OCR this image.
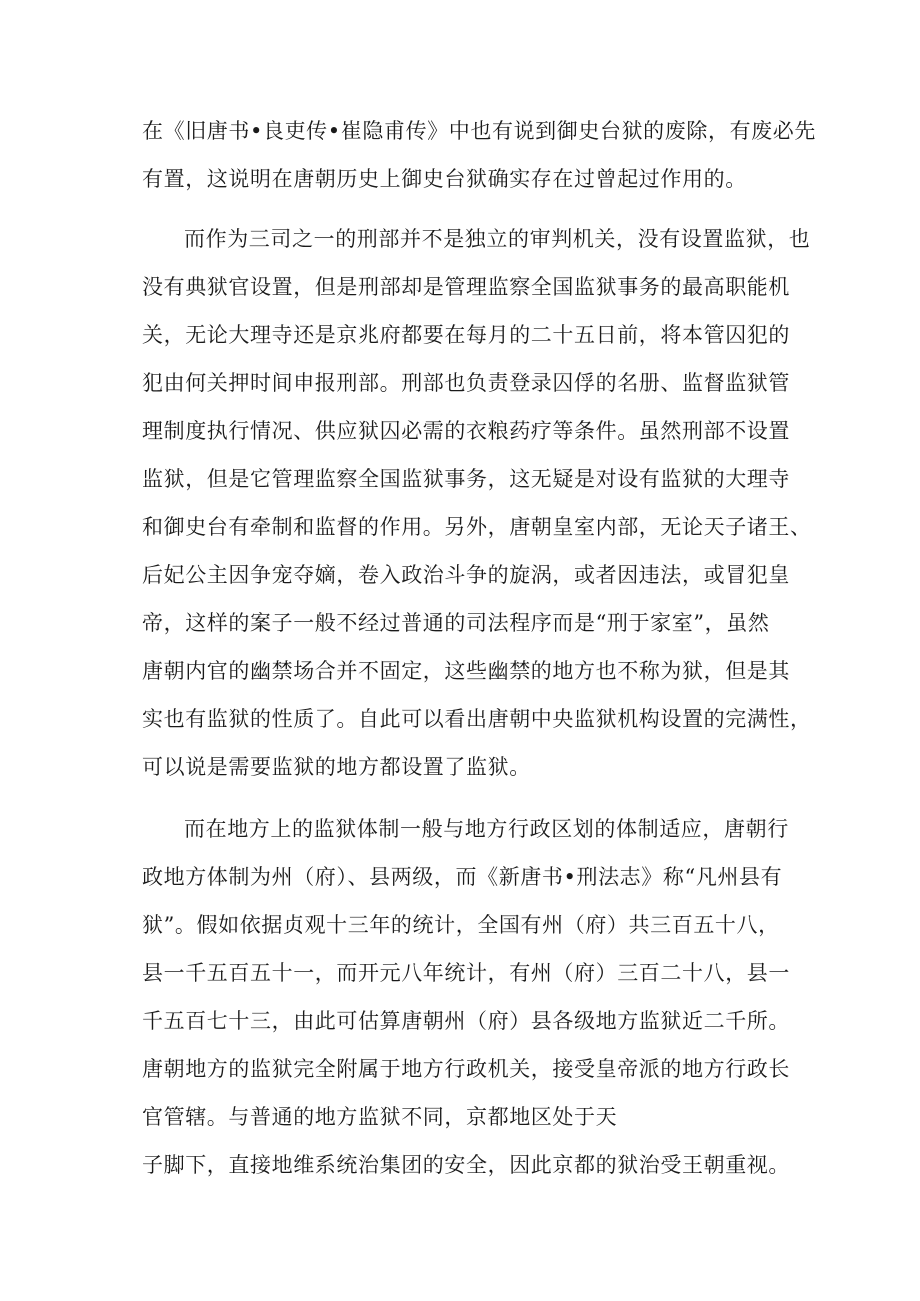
在《旧唐书•良吏传•崔隐甫传》中也有说到御史台狱的废除，有废必先
有置，这说明在唐朝历史上御史台狱确实存在过曾起过作用的。
而作为三司之一的刑部并不是独立的审判机关，没有设置监狱，也
没有典狱官设置，但是刑部却是管理监察全国监狱事务的最高职能机
关，无论大理寺还是京兆府都要在每月的二十五日前，将本管囚犯的
犯由何关押时间申报刑部。刑部也负责登录囚俘的名册、监督监狱管
理制度执行情况、供应狱囚必需的衣粮药疗等条件。虽然刑部不设置
监狱，但是它管理监察全国监狱事务，这无疑是对设有监狱的大理寺
和御史台有牵制和监督的作用。另外，唐朝皇室内部，无论天子诸王、
后妃公主因争宠夺嫡，卷入政治斗争的旋涡，或者因违法，或冒犯皇
帝，这样的案子一般不经过普通的司法程序而是“刑于家室”，虽然
唐朝内官的幽禁场合并不固定，这些幽禁的地方也不称为狱，但是其
实也有监狱的性质了。自此可以看出唐朝中央监狱机构设置的完满性，
可以说是需要监狱的地方都设置了监狱。
而在地方上的监狱体制一般与地方行政区划的体制适应，唐朝行
政地方体制为州（府）、县两级，而《新唐书•刑法志》称“凡州县有
狱”。假如依据贞观十三年的统计，全国有州（府）共三百五十八，
县一千五百五十一，而开元八年统计，有州（府）三百二十八，县一
千五百七十三，由此可估算唐朝州（府）县各级地方监狱近二千所。
唐朝地方的监狱完全附属于地方行政机关，接受皇帝派的地方行政长
官管辖。与普通的地方监狱不同，京都地区处于天
子脚下，直接地维系统治集团的安全，因此京都的狱治受王朝重视。
